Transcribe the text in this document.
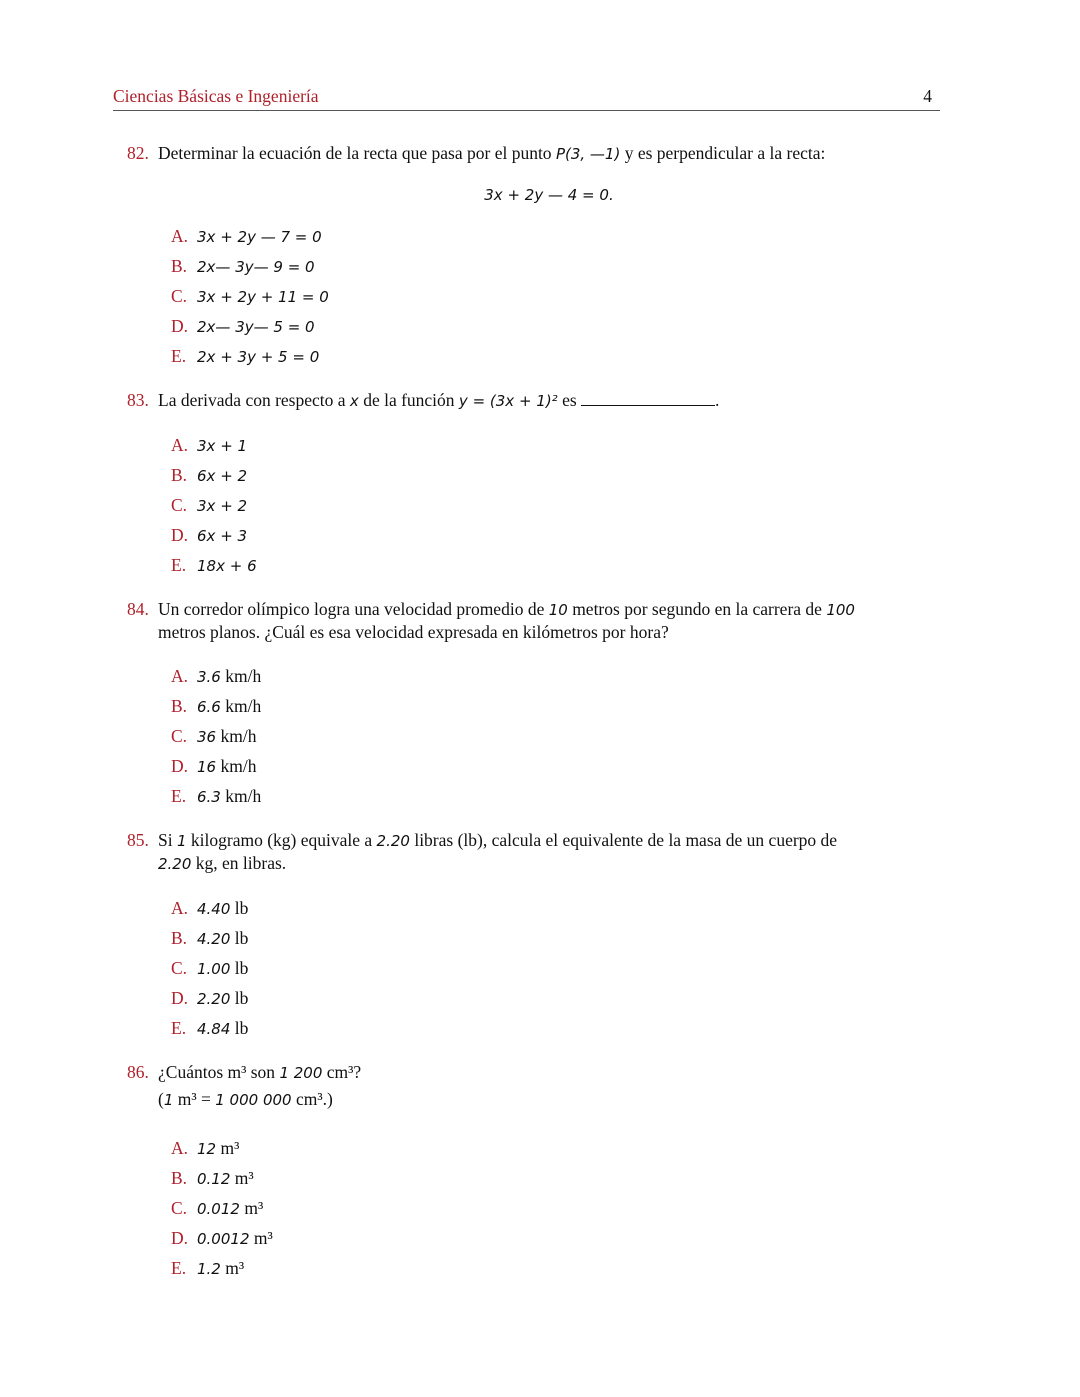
Ciencias Básicas e Ingeniería	4
82. Determinar la ecuación de la recta que pasa por el punto P(3, —1) y es perpendicular a la recta:
3x + 2y — 4 = 0.
A. 3x + 2y — 7 = 0
B. 2x— 3y— 9 = 0
C. 3x + 2y + 11 = 0
D. 2x— 3y— 5 = 0
E. 2x + 3y + 5 = 0
83. La derivada con respecto a x de la función y = (3x + 1)² es	.
A. 3x + 1
B. 6x + 2
C. 3x + 2
D. 6x + 3
E. 18x + 6
84. Un corredor olímpico logra una velocidad promedio de 10 metros por segundo en la carrera de 100
metros planos. ¿Cuál es esa velocidad expresada en kilómetros por hora?
A. 3.6 km/h
B. 6.6 km/h
C. 36 km/h
D. 16 km/h
E. 6.3 km/h
85. Si 1 kilogramo (kg) equivale a 2.20 libras (lb), calcula el equivalente de la masa de un cuerpo de
2.20 kg, en libras.
A. 4.40 lb
B. 4.20 lb
C. 1.00 lb
D. 2.20 lb
E. 4.84 lb
86. ¿Cuántos m³ son 1 200 cm³?
(1 m³ = 1 000 000 cm³.)
A. 12 m³
B. 0.12 m³
C. 0.012 m³
D. 0.0012 m³
E. 1.2 m³
